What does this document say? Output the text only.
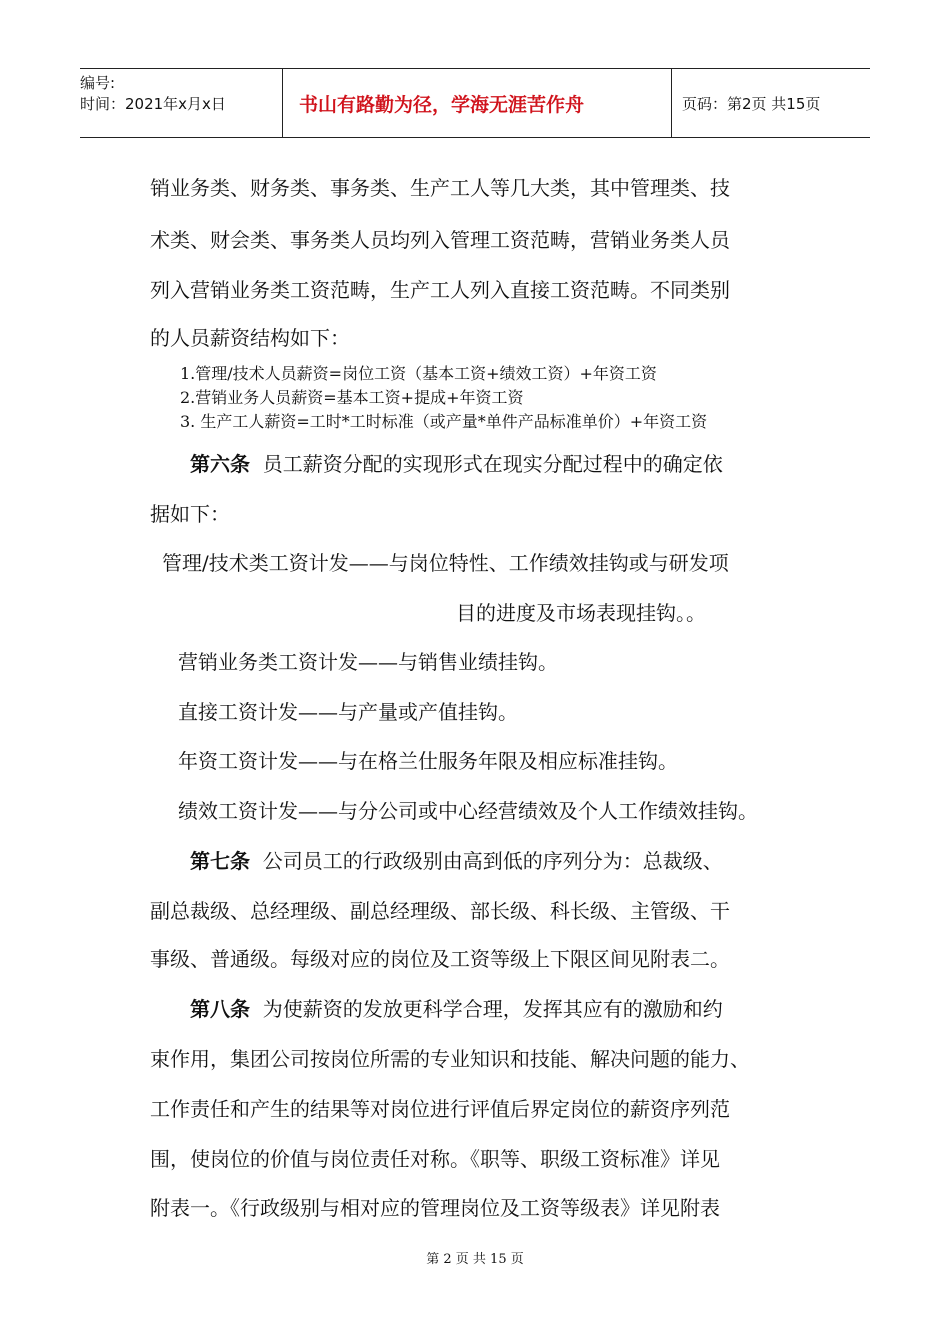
编号:
时间：2021年x月x日	书山有路勤为径，学海无涯苦作舟	页码：第2页 共15页
销业务类、财务类、事务类、生产工人等几大类，其中管理类、技
术类、财会类、事务类人员均列入管理工资范畴，营销业务类人员
列入营销业务类工资范畴，生产工人列入直接工资范畴。不同类别
的人员薪资结构如下：
1.管理/技术人员薪资=岗位工资（基本工资+绩效工资）+年资工资
2.营销业务人员薪资=基本工资+提成+年资工资
3. 生产工人薪资=工时*工时标准（或产量*单件产品标准单价）+年资工资
第六条 员工薪资分配的实现形式在现实分配过程中的确定依
据如下：
管理/技术类工资计发——与岗位特性、工作绩效挂钩或与研发项
目的进度及市场表现挂钩。。
营销业务类工资计发——与销售业绩挂钩。
直接工资计发——与产量或产值挂钩。
年资工资计发——与在格兰仕服务年限及相应标准挂钩。
绩效工资计发——与分公司或中心经营绩效及个人工作绩效挂钩。
第七条 公司员工的行政级别由高到低的序列分为：总裁级、
副总裁级、总经理级、副总经理级、部长级、科长级、主管级、干
事级、普通级。每级对应的岗位及工资等级上下限区间见附表二。
第八条 为使薪资的发放更科学合理，发挥其应有的激励和约
束作用，集团公司按岗位所需的专业知识和技能、解决问题的能力、
工作责任和产生的结果等对岗位进行评值后界定岗位的薪资序列范
围，使岗位的价值与岗位责任对称。《职等、职级工资标准》详见
附表一。《行政级别与相对应的管理岗位及工资等级表》详见附表
第 2 页 共 15 页
